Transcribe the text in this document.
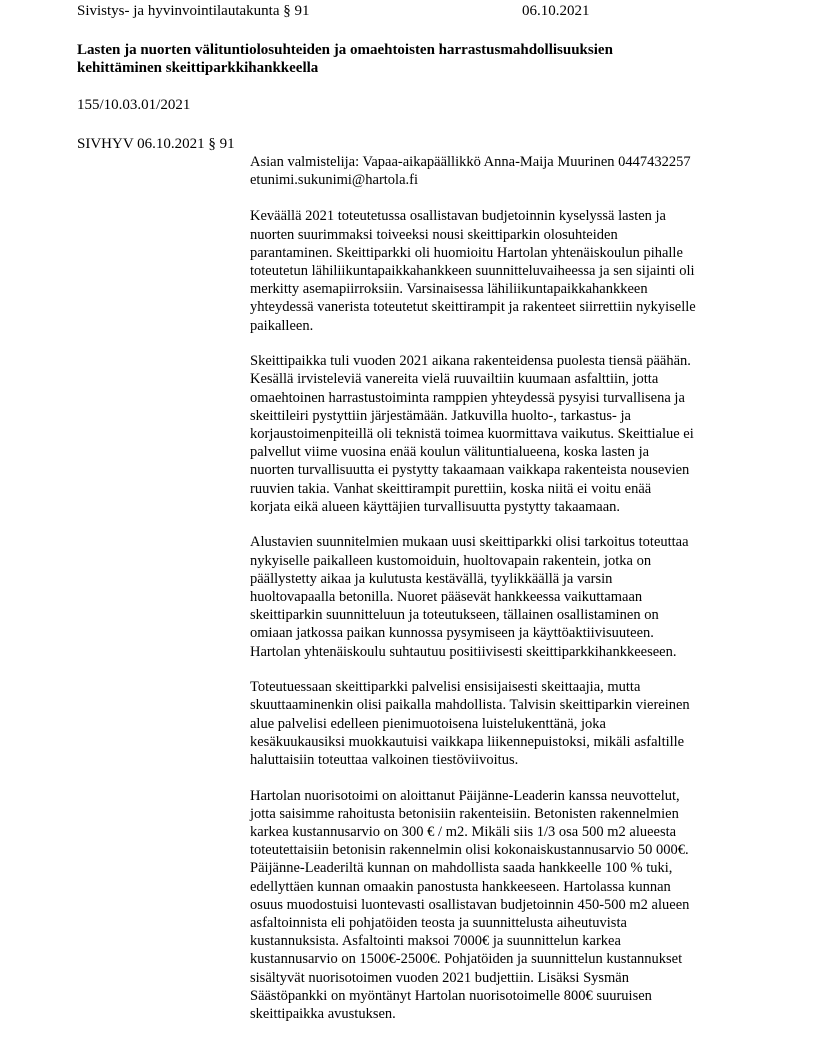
Sivistys- ja hyvinvointilautakunta § 91	06.10.2021
Lasten ja nuorten välituntiolosuhteiden ja omaehtoisten harrastusmahdollisuuksien
kehittäminen skeittiparkkihankkeella
155/10.03.01/2021
SIVHYV 06.10.2021 § 91
Asian valmistelija: Vapaa-aikapäällikkö Anna-Maija Muurinen 0447432257
etunimi.sukunimi@hartola.fi
Keväällä 2021 toteutetussa osallistavan budjetoinnin kyselyssä lasten ja
nuorten suurimmaksi toiveeksi nousi skeittiparkin olosuhteiden
parantaminen. Skeittiparkki oli huomioitu Hartolan yhtenäiskoulun pihalle
toteutetun lähiliikuntapaikkahankkeen suunnitteluvaiheessa ja sen sijainti oli
merkitty asemapiirroksiin. Varsinaisessa lähiliikuntapaikkahankkeen
yhteydessä vanerista toteutetut skeittirampit ja rakenteet siirrettiin nykyiselle
paikalleen.
Skeittipaikka tuli vuoden 2021 aikana rakenteidensa puolesta tiensä päähän.
Kesällä irvisteleviä vanereita vielä ruuvailtiin kuumaan asfalttiin, jotta
omaehtoinen harrastustoiminta ramppien yhteydessä pysyisi turvallisena ja
skeittileiri pystyttiin järjestämään. Jatkuvilla huolto-, tarkastus- ja
korjaustoimenpiteillä oli teknistä toimea kuormittava vaikutus. Skeittialue ei
palvellut viime vuosina enää koulun välituntialueena, koska lasten ja
nuorten turvallisuutta ei pystytty takaamaan vaikkapa rakenteista nousevien
ruuvien takia. Vanhat skeittirampit purettiin, koska niitä ei voitu enää
korjata eikä alueen käyttäjien turvallisuutta pystytty takaamaan.
Alustavien suunnitelmien mukaan uusi skeittiparkki olisi tarkoitus toteuttaa
nykyiselle paikalleen kustomoiduin, huoltovapain rakentein, jotka on
päällystetty aikaa ja kulutusta kestävällä, tyylikkäällä ja varsin
huoltovapaalla betonilla. Nuoret pääsevät hankkeessa vaikuttamaan
skeittiparkin suunnitteluun ja toteutukseen, tällainen osallistaminen on
omiaan jatkossa paikan kunnossa pysymiseen ja käyttöaktiivisuuteen.
Hartolan yhtenäiskoulu suhtautuu positiivisesti skeittiparkkihankkeeseen.
Toteutuessaan skeittiparkki palvelisi ensisijaisesti skeittaajia, mutta
skuuttaaminenkin olisi paikalla mahdollista. Talvisin skeittiparkin viereinen
alue palvelisi edelleen pienimuotoisena luistelukenttänä, joka
kesäkuukausiksi muokkautuisi vaikkapa liikennepuistoksi, mikäli asfaltille
haluttaisiin toteuttaa valkoinen tiestöviivoitus.
Hartolan nuorisotoimi on aloittanut Päijänne-Leaderin kanssa neuvottelut,
jotta saisimme rahoitusta betonisiin rakenteisiin. Betonisten rakennelmien
karkea kustannusarvio on 300 € / m2. Mikäli siis 1/3 osa 500 m2 alueesta
toteutettaisiin betonisin rakennelmin olisi kokonaiskustannusarvio 50 000€.
Päijänne-Leaderiltä kunnan on mahdollista saada hankkeelle 100 % tuki,
edellyttäen kunnan omaakin panostusta hankkeeseen. Hartolassa kunnan
osuus muodostuisi luontevasti osallistavan budjetoinnin 450-500 m2 alueen
asfaltoinnista eli pohjatöiden teosta ja suunnittelusta aiheutuvista
kustannuksista. Asfaltointi maksoi 7000€ ja suunnittelun karkea
kustannusarvio on 1500€-2500€. Pohjatöiden ja suunnittelun kustannukset
sisältyvät nuorisotoimen vuoden 2021 budjettiin. Lisäksi Sysmän
Säästöpankki on myöntänyt Hartolan nuorisotoimelle 800€ suuruisen
skeittipaikka avustuksen.
